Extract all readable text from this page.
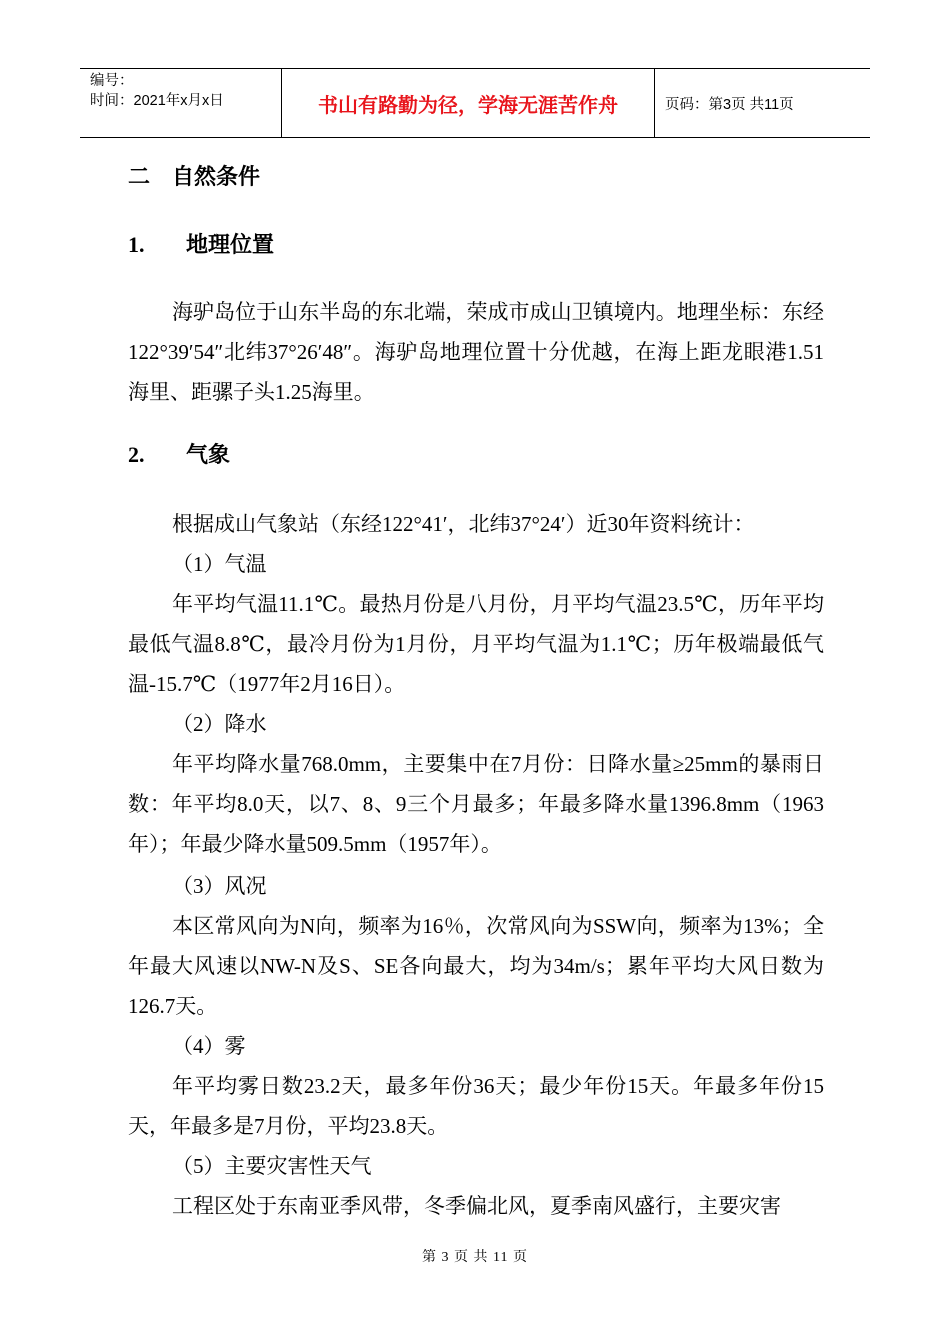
编号：
时间：2021年x月x日	书山有路勤为径，学海无涯苦作舟	页码：第3页 共11页
二　自然条件
1. 地理位置

海驴岛位于山东半岛的东北端，荣成市成山卫镇境内。地理坐标：东经122°39′54″北纬37°26′48″。海驴岛地理位置十分优越，在海上距龙眼港1.51海里、距骡子头1.25海里。

2. 气象

根据成山气象站（东经122°41′，北纬37°24′）近30年资料统计：

（1）气温

年平均气温11.1℃。最热月份是八月份，月平均气温23.5℃，历年平均最低气温8.8℃，最冷月份为1月份，月平均气温为1.1℃；历年极端最低气温-15.7℃（1977年2月16日）。

（2）降水

年平均降水量768.0mm，主要集中在7月份：日降水量≥25mm的暴雨日数：年平均8.0天，以7、8、9三个月最多；年最多降水量1396.8mm（1963年）；年最少降水量509.5mm（1957年）。

（3）风况

本区常风向为N向，频率为16％，次常风向为SSW向，频率为13%；全年最大风速以NW-N及S、SE各向最大，均为34m/s；累年平均大风日数为126.7天。

（4）雾

年平均雾日数23.2天，最多年份36天；最少年份15天。年最多年份15天，年最多是7月份，平均23.8天。

（5）主要灾害性天气

工程区处于东南亚季风带，冬季偏北风，夏季南风盛行，主要灾害

第 3 页 共 11 页
